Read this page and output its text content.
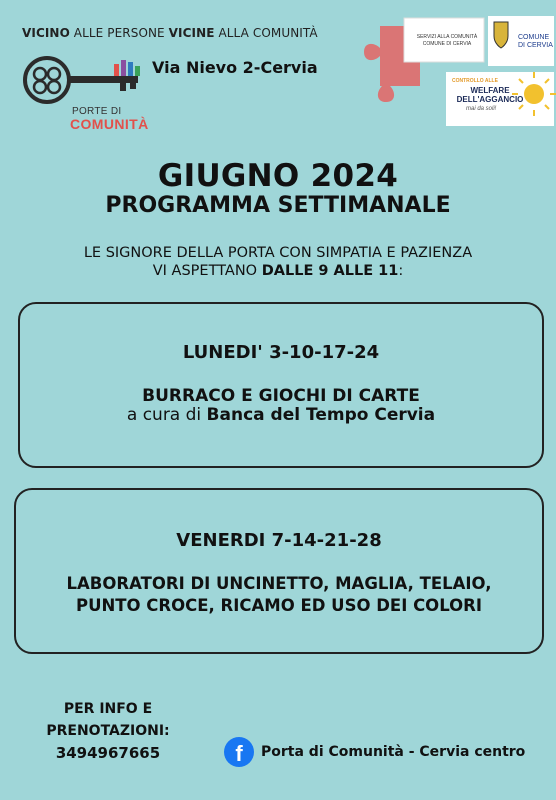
VICINO ALLE PERSONE VICINE ALLA COMUNITÀ
PORTE DI
COMUNITÀ
Via Nievo 2-Cervia
SERVIZI ALLA COMUNITÀ
COMUNE DI CERVIA
COMUNE
DI CERVIA
CONTROLLO ALLE
WELFARE
DELL'AGGANCIO
mai da soli!
GIUGNO 2024
PROGRAMMA SETTIMANALE
LE SIGNORE DELLA PORTA CON SIMPATIA E PAZIENZA
VI ASPETTANO DALLE 9 ALLE 11:
LUNEDI' 3-10-17-24
BURRACO E GIOCHI DI CARTE
a cura di Banca del Tempo Cervia
VENERDI 7-14-21-28
LABORATORI DI UNCINETTO, MAGLIA, TELAIO,
PUNTO CROCE, RICAMO ED USO DEI COLORI
PER INFO E
PRENOTAZIONI:
3494967665	f	Porta di Comunità - Cervia centro
